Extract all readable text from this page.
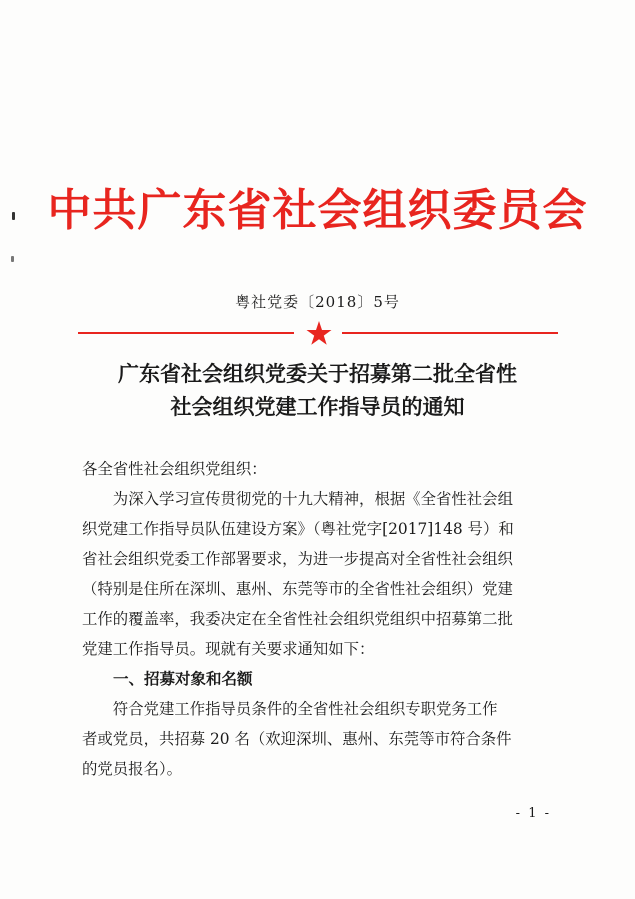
中共广东省社会组织委员会
粤社党委〔2018〕5号
广东省社会组织党委关于招募第二批全省性
社会组织党建工作指导员的通知

各全省性社会组织党组织：

为深入学习宣传贯彻党的十九大精神，根据《全省性社会组
织党建工作指导员队伍建设方案》（粤社党字[2017]148 号）和
省社会组织党委工作部署要求，为进一步提高对全省性社会组织
（特别是住所在深圳、惠州、东莞等市的全省性社会组织）党建
工作的覆盖率，我委决定在全省性社会组织党组织中招募第二批
党建工作指导员。现就有关要求通知如下：
一、招募对象和名额
符合党建工作指导员条件的全省性社会组织专职党务工作
者或党员，共招募 20 名（欢迎深圳、惠州、东莞等市符合条件
的党员报名）。
- 1 -
